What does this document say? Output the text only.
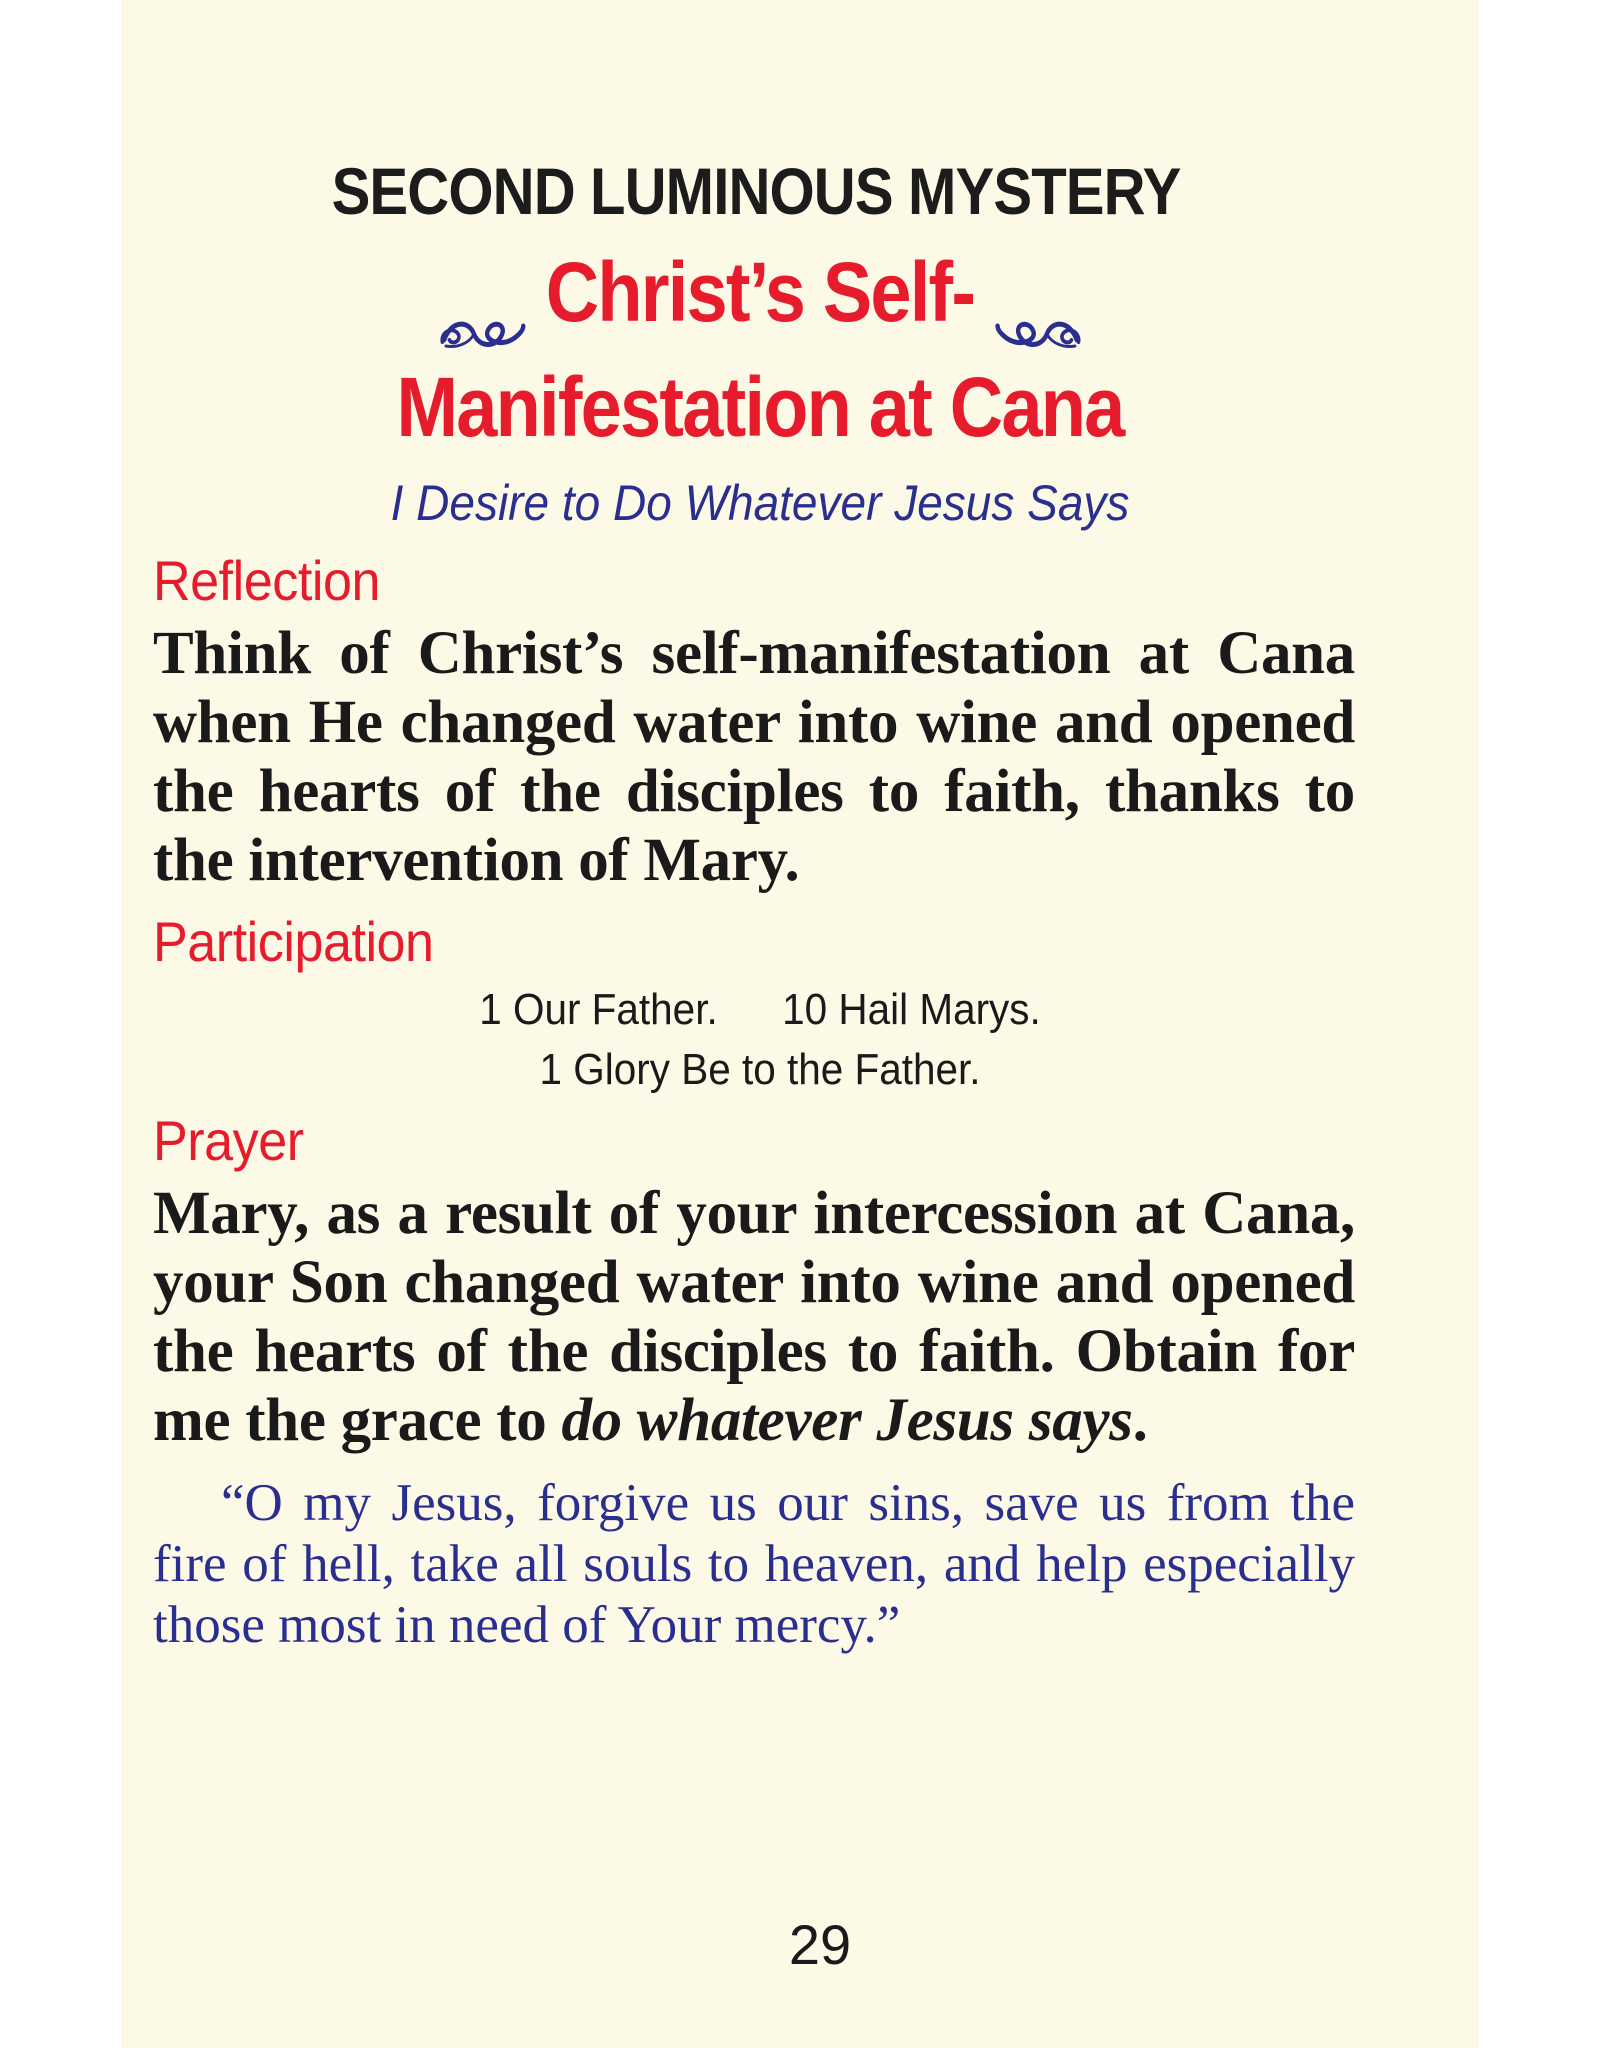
SECOND LUMINOUS MYSTERY
Christ’s Self-
Manifestation at Cana
I Desire to Do Whatever Jesus Says
Reflection

Think of Christ’s self-manifestation at Cana when He changed water into wine and opened the hearts of the disciples to faith, thanks to the intervention of Mary.

Participation
1 Our Father. 10 Hail Marys.
1 Glory Be to the Father.
Prayer

Mary, as a result of your intercession at Cana, your Son changed water into wine and opened the hearts of the disciples to faith. Obtain for me the grace to do whatever Jesus says.

“O my Jesus, forgive us our sins, save us from the fire of hell, take all souls to heaven, and help especially those most in need of Your mercy.”

29
